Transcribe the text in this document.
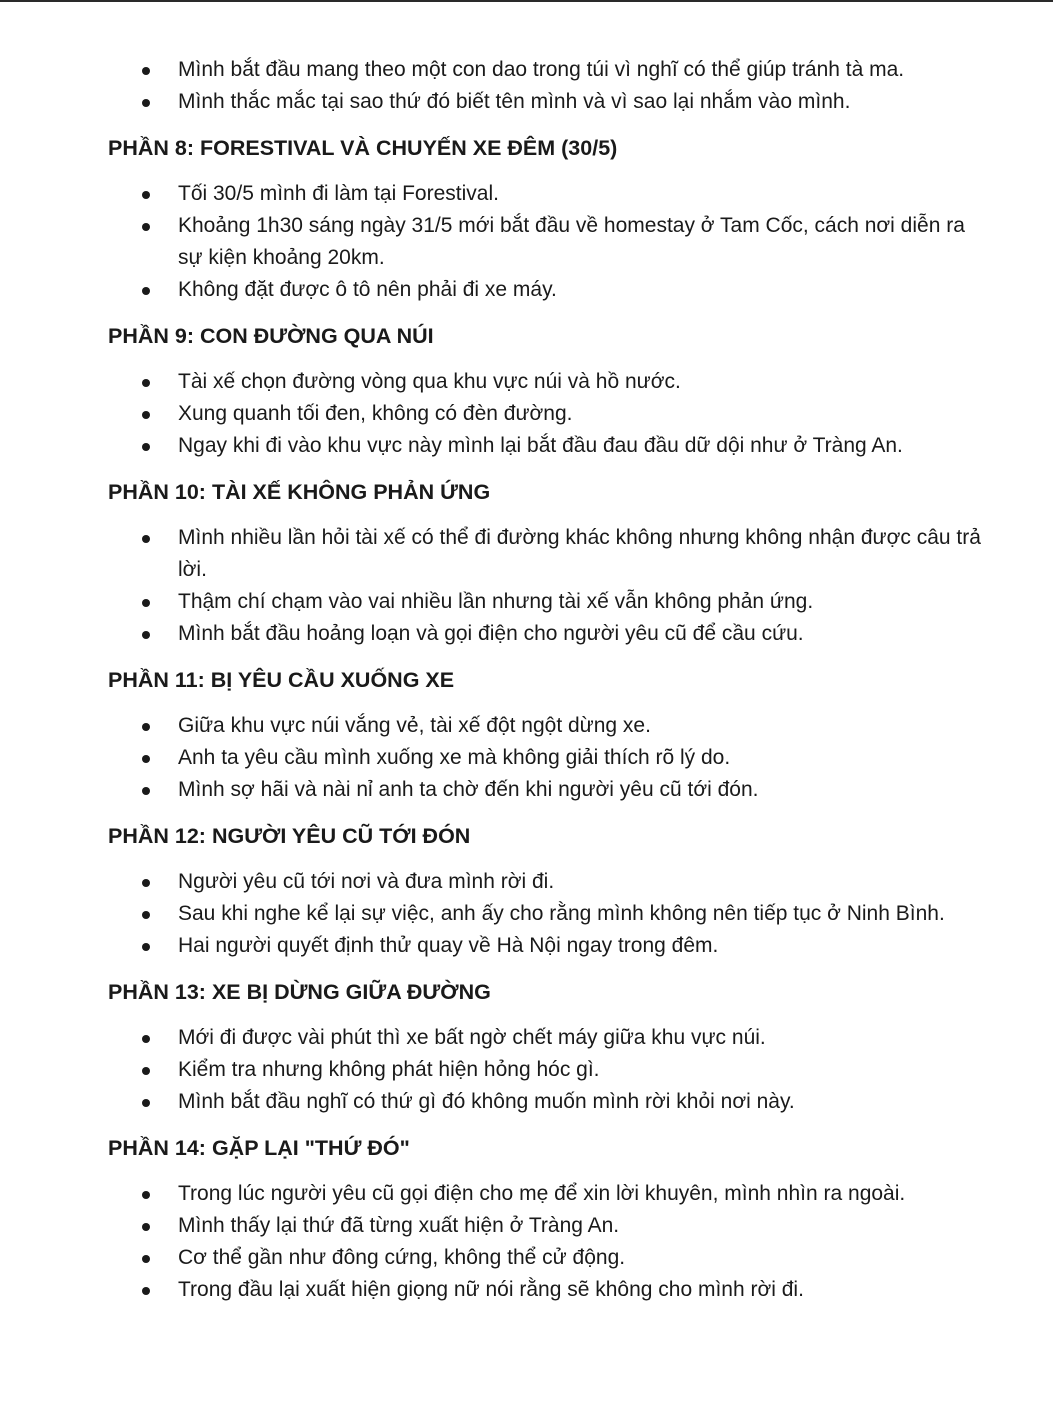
Mình bắt đầu mang theo một con dao trong túi vì nghĩ có thể giúp tránh tà ma.
Mình thắc mắc tại sao thứ đó biết tên mình và vì sao lại nhắm vào mình.
PHẦN 8: FORESTIVAL VÀ CHUYẾN XE ĐÊM (30/5)
Tối 30/5 mình đi làm tại Forestival.
Khoảng 1h30 sáng ngày 31/5 mới bắt đầu về homestay ở Tam Cốc, cách nơi diễn ra sự kiện khoảng 20km.
Không đặt được ô tô nên phải đi xe máy.
PHẦN 9: CON ĐƯỜNG QUA NÚI
Tài xế chọn đường vòng qua khu vực núi và hồ nước.
Xung quanh tối đen, không có đèn đường.
Ngay khi đi vào khu vực này mình lại bắt đầu đau đầu dữ dội như ở Tràng An.
PHẦN 10: TÀI XẾ KHÔNG PHẢN ỨNG
Mình nhiều lần hỏi tài xế có thể đi đường khác không nhưng không nhận được câu trả lời.
Thậm chí chạm vào vai nhiều lần nhưng tài xế vẫn không phản ứng.
Mình bắt đầu hoảng loạn và gọi điện cho người yêu cũ để cầu cứu.
PHẦN 11: BỊ YÊU CẦU XUỐNG XE
Giữa khu vực núi vắng vẻ, tài xế đột ngột dừng xe.
Anh ta yêu cầu mình xuống xe mà không giải thích rõ lý do.
Mình sợ hãi và nài nỉ anh ta chờ đến khi người yêu cũ tới đón.
PHẦN 12: NGƯỜI YÊU CŨ TỚI ĐÓN
Người yêu cũ tới nơi và đưa mình rời đi.
Sau khi nghe kể lại sự việc, anh ấy cho rằng mình không nên tiếp tục ở Ninh Bình.
Hai người quyết định thử quay về Hà Nội ngay trong đêm.
PHẦN 13: XE BỊ DỪNG GIỮA ĐƯỜNG
Mới đi được vài phút thì xe bất ngờ chết máy giữa khu vực núi.
Kiểm tra nhưng không phát hiện hỏng hóc gì.
Mình bắt đầu nghĩ có thứ gì đó không muốn mình rời khỏi nơi này.
PHẦN 14: GẶP LẠI "THỨ ĐÓ"
Trong lúc người yêu cũ gọi điện cho mẹ để xin lời khuyên, mình nhìn ra ngoài.
Mình thấy lại thứ đã từng xuất hiện ở Tràng An.
Cơ thể gần như đông cứng, không thể cử động.
Trong đầu lại xuất hiện giọng nữ nói rằng sẽ không cho mình rời đi.
